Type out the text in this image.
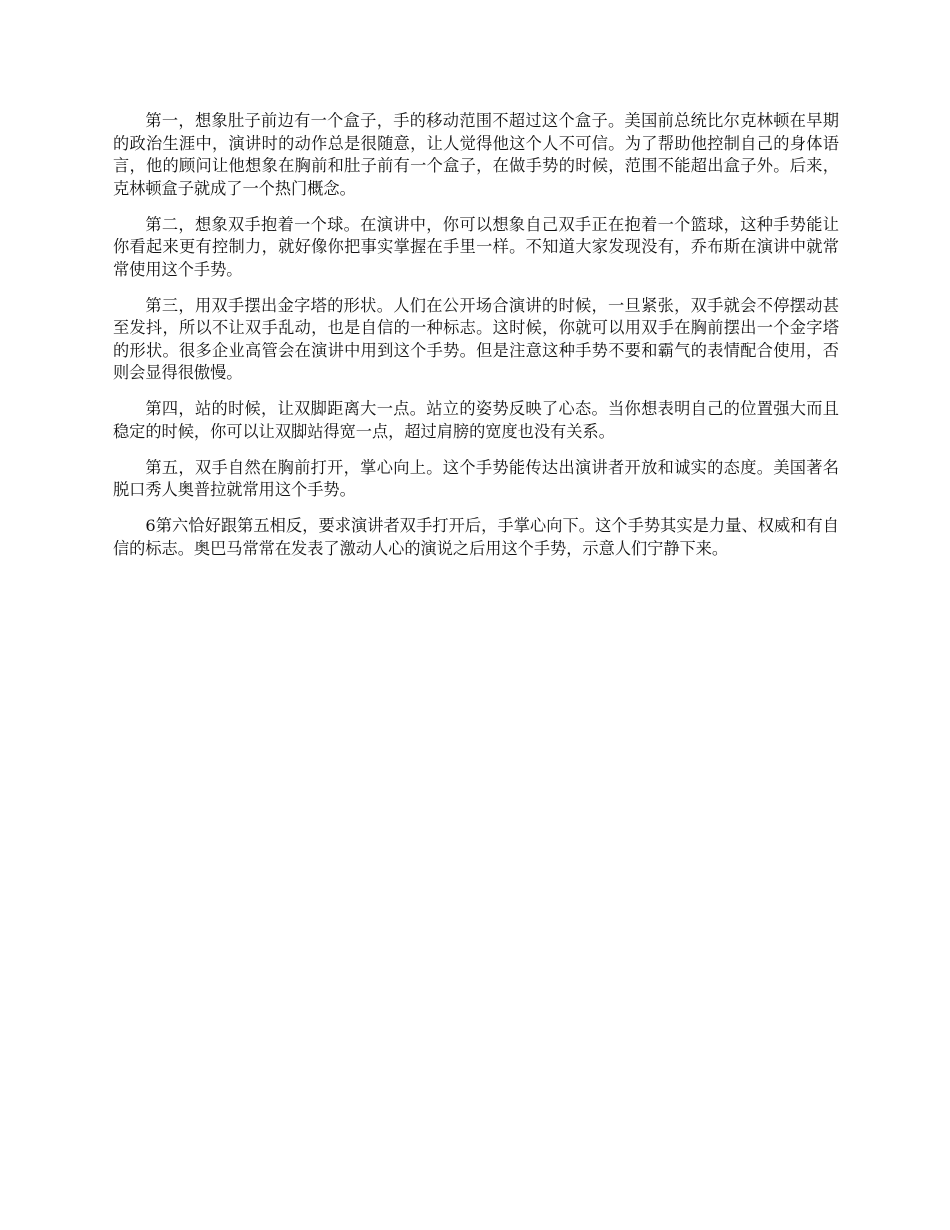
第一，想象肚子前边有一个盒子，手的移动范围不超过这个盒子。美国前总统比尔克林顿在早期的政治生涯中，演讲时的动作总是很随意，让人觉得他这个人不可信。为了帮助他控制自己的身体语言，他的顾问让他想象在胸前和肚子前有一个盒子，在做手势的时候，范围不能超出盒子外。后来，克林顿盒子就成了一个热门概念。

第二，想象双手抱着一个球。在演讲中，你可以想象自己双手正在抱着一个篮球，这种手势能让你看起来更有控制力，就好像你把事实掌握在手里一样。不知道大家发现没有，乔布斯在演讲中就常常使用这个手势。

第三，用双手摆出金字塔的形状。人们在公开场合演讲的时候，一旦紧张，双手就会不停摆动甚至发抖，所以不让双手乱动，也是自信的一种标志。这时候，你就可以用双手在胸前摆出一个金字塔的形状。很多企业高管会在演讲中用到这个手势。但是注意这种手势不要和霸气的表情配合使用，否则会显得很傲慢。

第四，站的时候，让双脚距离大一点。站立的姿势反映了心态。当你想表明自己的位置强大而且稳定的时候，你可以让双脚站得宽一点，超过肩膀的宽度也没有关系。

第五，双手自然在胸前打开，掌心向上。这个手势能传达出演讲者开放和诚实的态度。美国著名脱口秀人奥普拉就常用这个手势。

6第六恰好跟第五相反，要求演讲者双手打开后，手掌心向下。这个手势其实是力量、权威和有自信的标志。奥巴马常常在发表了激动人心的演说之后用这个手势，示意人们宁静下来。
